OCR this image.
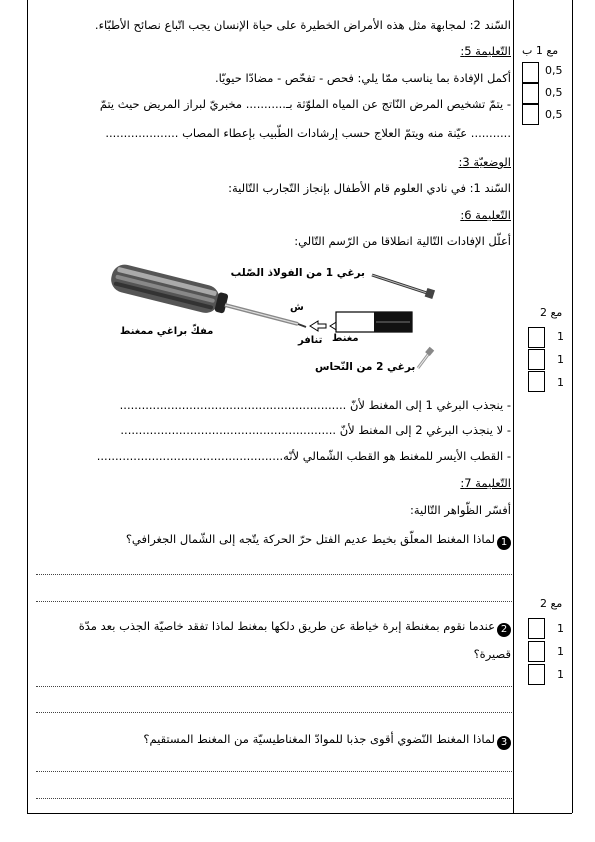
السّند 2: لمجابهة مثل هذه الأمراض الخطيرة على حياة الإنسان يجب اتّباع نصائح الأطبّاء.
التّعليمة 5:
أكمل الإفادة بما يناسب ممّا يلي: فحص - تفحّص - مضادّا حيويّا.
- يتمّ تشخيص المرض النّاتج عن المياه الملوّثة بـ........... مخبريّ لبراز المريض حيث يتمّ
........... عيّنة منه ويتمّ العلاج حسب إرشادات الطّبيب بإعطاء المصاب ....................
الوضعيّة 3:
السّند 1: في نادي العلوم قام الأطفال بإنجاز التّجارب التّالية:
التّعليمة 6:
أعلّل الإفادات التّالية انطلاقا من الرّسم التّالي:
برغي 1 من الفولاذ الصّلب
مفكّ براغي ممغنط
مغنط
ش
تنافر
برغي 2 من النّحاس
- ينجذب البرغي 1 إلى المغنط لأنّ ..............................................................
- لا ينجذب البرغي 2 إلى المغنط لأنّ ...........................................................
- القطب الأيسر للمغنط هو القطب الشّمالي لأنّه...................................................
التّعليمة 7:
أفسّر الظّواهر التّالية:
1لماذا المغنط المعلّق بخيط عديم الفتل حرّ الحركة يتّجه إلى الشّمال الجغرافي؟
2عندما نقوم بمغنطة إبرة خياطة عن طريق دلكها بمغنط لماذا تفقد خاصيّة الجذب بعد مدّة
قصيرة؟
3لماذا المغنط النّضوي أقوى جذبا للموادّ المغناطيسيّة من المغنط المستقيم؟
مع 1 ب
0,5
0,5
0,5
مع 2
1
1
1
مع 2
1
1
1
